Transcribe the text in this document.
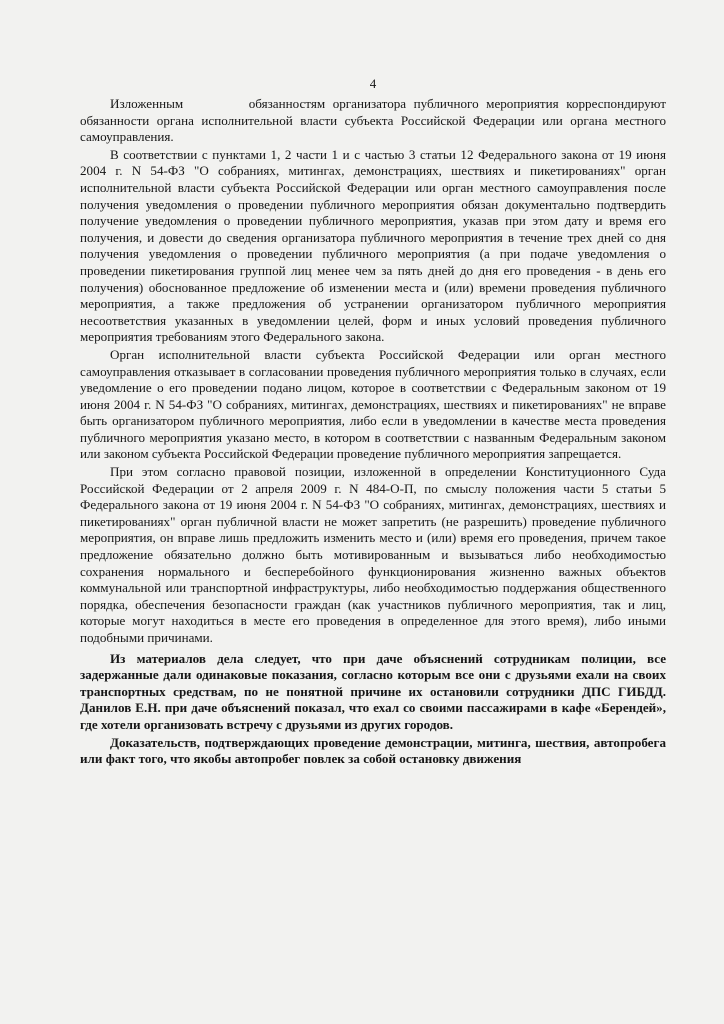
4

Изложенным	обязанностям организатора публичного мероприятия корреспондируют обязанности органа исполнительной власти субъекта Российской Федерации или органа местного самоуправления.

В соответствии с пунктами 1, 2 части 1 и с частью 3 статьи 12 Федерального закона от 19 июня 2004 г. N 54-ФЗ "О собраниях, митингах, демонстрациях, шествиях и пикетированиях" орган исполнительной власти субъекта Российской Федерации или орган местного самоуправления после получения уведомления о проведении публичного мероприятия обязан документально подтвердить получение уведомления о проведении публичного мероприятия, указав при этом дату и время его получения, и довести до сведения организатора публичного мероприятия в течение трех дней со дня получения уведомления о проведении публичного мероприятия (а при подаче уведомления о проведении пикетирования группой лиц менее чем за пять дней до дня его проведения - в день его получения) обоснованное предложение об изменении места и (или) времени проведения публичного мероприятия, а также предложения об устранении организатором публичного мероприятия несоответствия указанных в уведомлении целей, форм и иных условий проведения публичного мероприятия требованиям этого Федерального закона.

Орган исполнительной власти субъекта Российской Федерации или орган местного самоуправления отказывает в согласовании проведения публичного мероприятия только в случаях, если уведомление о его проведении подано лицом, которое в соответствии с Федеральным законом от 19 июня 2004 г. N 54-ФЗ "О собраниях, митингах, демонстрациях, шествиях и пикетированиях" не вправе быть организатором публичного мероприятия, либо если в уведомлении в качестве места проведения публичного мероприятия указано место, в котором в соответствии с названным Федеральным законом или законом субъекта Российской Федерации проведение публичного мероприятия запрещается.

При этом согласно правовой позиции, изложенной в определении Конституционного Суда Российской Федерации от 2 апреля 2009 г. N 484-О-П, по смыслу положения части 5 статьи 5 Федерального закона от 19 июня 2004 г. N 54-ФЗ "О собраниях, митингах, демонстрациях, шествиях и пикетированиях" орган публичной власти не может запретить (не разрешить) проведение публичного мероприятия, он вправе лишь предложить изменить место и (или) время его проведения, причем такое предложение обязательно должно быть мотивированным и вызываться либо необходимостью сохранения нормального и бесперебойного функционирования жизненно важных объектов коммунальной или транспортной инфраструктуры, либо необходимостью поддержания общественного порядка, обеспечения безопасности граждан (как участников публичного мероприятия, так и лиц, которые могут находиться в месте его проведения в определенное для этого время), либо иными подобными причинами.

Из материалов дела следует, что при даче объяснений сотрудникам полиции, все задержанные дали одинаковые показания, согласно которым все они с друзьями ехали на своих транспортных средствам, по не понятной причине их остановили сотрудники ДПС ГИБДД. Данилов Е.Н. при даче объяснений показал, что ехал со своими пассажирами в кафе «Берендей», где хотели организовать встречу с друзьями из других городов.

Доказательств, подтверждающих проведение демонстрации, митинга, шествия, автопробега или факт того, что якобы автопробег повлек за собой остановку движения
